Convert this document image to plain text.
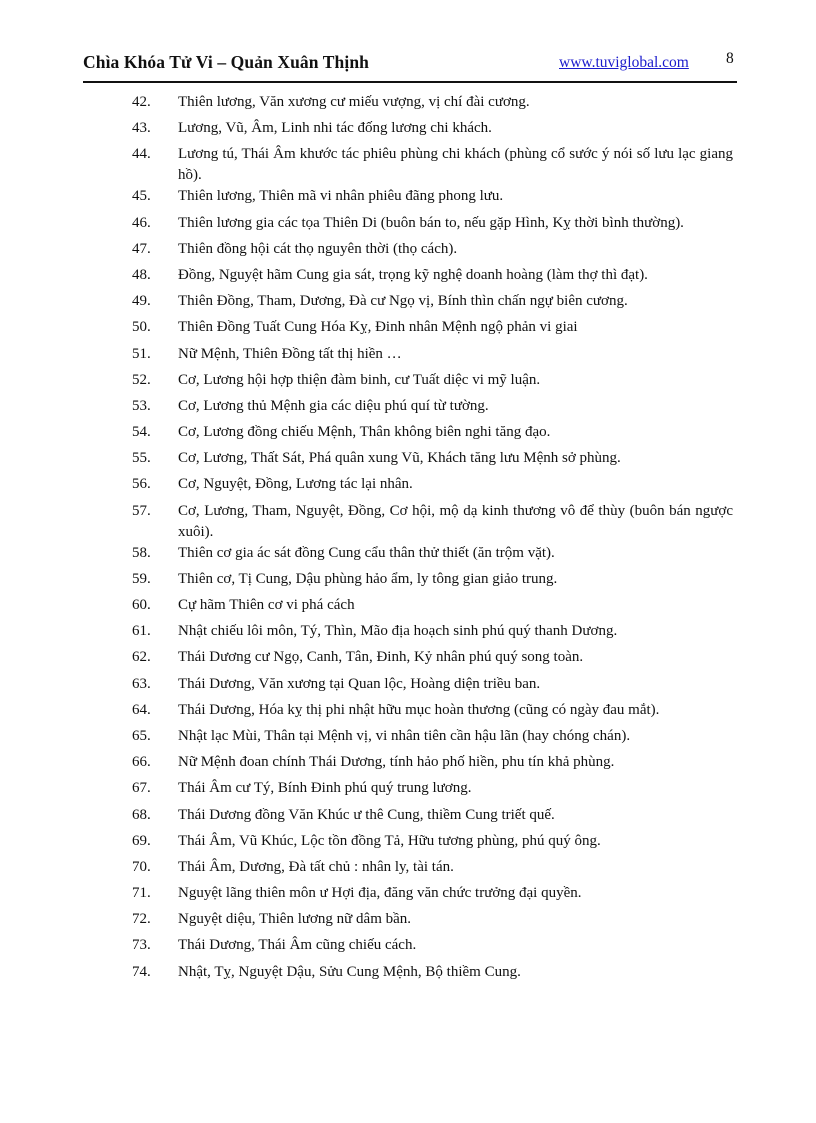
Chìa Khóa Tử Vi – Quản Xuân Thịnh	www.tuviglobal.com 8
42. Thiên lương, Văn xương cư miếu vượng, vị chí đài cương.
43. Lương, Vũ, Âm, Linh nhi tác đống lương chi khách.
44. Lương tú, Thái Âm khước tác phiêu phùng chi khách (phùng cổ sước ý nói số lưu lạc giang hồ).
45. Thiên lương, Thiên mã vi nhân phiêu đãng phong lưu.
46. Thiên lương gia các tọa Thiên Di (buôn bán to, nếu gặp Hình, Kỵ thời bình thường).
47. Thiên đồng hội cát thọ nguyên thời (thọ cách).
48. Đồng, Nguyệt hãm Cung gia sát, trọng kỹ nghệ doanh hoàng (làm thợ thì đạt).
49. Thiên Đồng, Tham, Dương, Đà cư Ngọ vị, Bính thìn chấn ngự biên cương.
50. Thiên Đồng Tuất Cung Hóa Kỵ, Đinh nhân Mệnh ngộ phản vi giai
51. Nữ Mệnh, Thiên Đồng tất thị hiền …
52. Cơ, Lương hội hợp thiện đàm binh, cư Tuất diệc vi mỹ luận.
53. Cơ, Lương thủ Mệnh gia các diệu phú quí từ tường.
54. Cơ, Lương đồng chiếu Mệnh, Thân không biên nghi tăng đạo.
55. Cơ, Lương, Thất Sát, Phá quân xung Vũ, Khách tăng lưu Mệnh sở phùng.
56. Cơ, Nguyệt, Đồng, Lương tác lại nhân.
57. Cơ, Lương, Tham, Nguyệt, Đồng, Cơ hội, mộ dạ kinh thương vô để thùy (buôn bán ngược xuôi).
58. Thiên cơ gia ác sát đồng Cung cẩu thân thử thiết (ăn trộm vặt).
59. Thiên cơ, Tị Cung, Dậu phùng hảo ẩm, ly tông gian giảo trung.
60. Cự hãm Thiên cơ vi phá cách
61. Nhật chiếu lôi môn, Tý, Thìn, Mão địa hoạch sinh phú quý thanh Dương.
62. Thái Dương cư Ngọ, Canh, Tân, Đinh, Kỷ nhân phú quý song toàn.
63. Thái Dương, Văn xương tại Quan lộc, Hoàng diện triều ban.
64. Thái Dương, Hóa kỵ thị phi nhật hữu mục hoàn thương (cũng có ngày đau mắt).
65. Nhật lạc Mùi, Thân tại Mệnh vị, vi nhân tiên cần hậu lãn (hay chóng chán).
66. Nữ Mệnh đoan chính Thái Dương, tính hảo phố hiền, phu tín khả phùng.
67. Thái Âm cư Tý, Bính Đinh phú quý trung lương.
68. Thái Dương đồng Văn Khúc ư thê Cung, thiềm Cung triết quế.
69. Thái Âm, Vũ Khúc, Lộc tồn đồng Tả, Hữu tương phùng, phú quý ông.
70. Thái Âm, Dương, Đà tất chủ : nhân ly, tài tán.
71. Nguyệt lãng thiên môn ư Hợi địa, đăng văn chức trưởng đại quyền.
72. Nguyệt diệu, Thiên lương nữ dâm bần.
73. Thái Dương, Thái Âm cũng chiếu cách.
74. Nhật, Tỵ, Nguyệt Dậu, Sửu Cung Mệnh, Bộ thiềm Cung.
